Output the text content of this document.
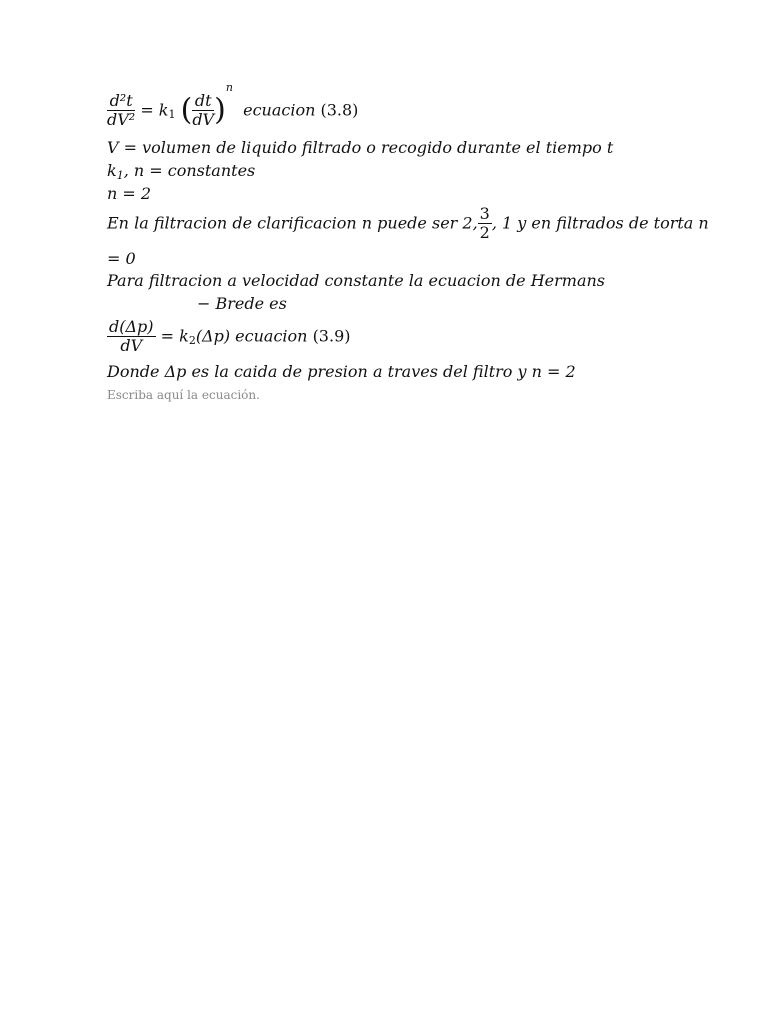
$\frac{\text{d²t}}{\text{dV²}} = k_1$ ( $\frac{dt}{dV} )^n$  ecuacion (3.8)
V = volumen de liquido filtrado o recogido durante el tiempo t
$k_1$, n = constantes
n = 2
En la filtracion de clarificacion n puede ser 2, $\frac{3}{2}$ , 1 y en filtrados de torta n
= 0
Para filtracion a velocidad constante la ecuacion de Hermans
− Brede es
$\frac{d(\Delta p)}{dV} = k_2(\Delta p)$ ecuacion (3.9)
Donde Δp es la caida de presion a traves del filtro y n = 2
Escriba aquí la ecuación.
